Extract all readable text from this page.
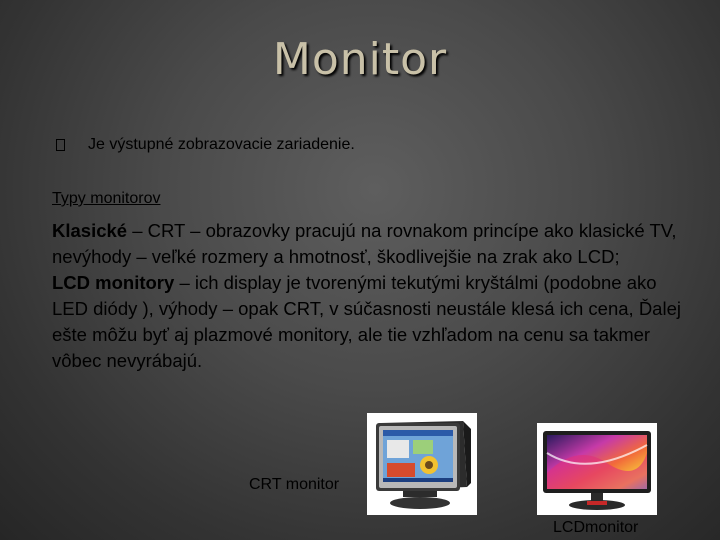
Monitor
Je výstupné zobrazovacie zariadenie.
Typy monitorov

Klasické – CRT – obrazovky pracujú na rovnakom princípe ako klasické TV, nevýhody – veľké rozmery a hmotnosť, škodlivejšie na zrak ako LCD;

LCD monitory – ich display je tvorenými tekutými kryštálmi (podobne ako LED diódy ), výhody – opak CRT, v súčasnosti neustále klesá ich cena, Ďalej ešte môžu byť aj plazmové monitory, ale tie vzhľadom na cenu sa takmer vôbec nevyrábajú.

CRT monitor
LCDmonitor
